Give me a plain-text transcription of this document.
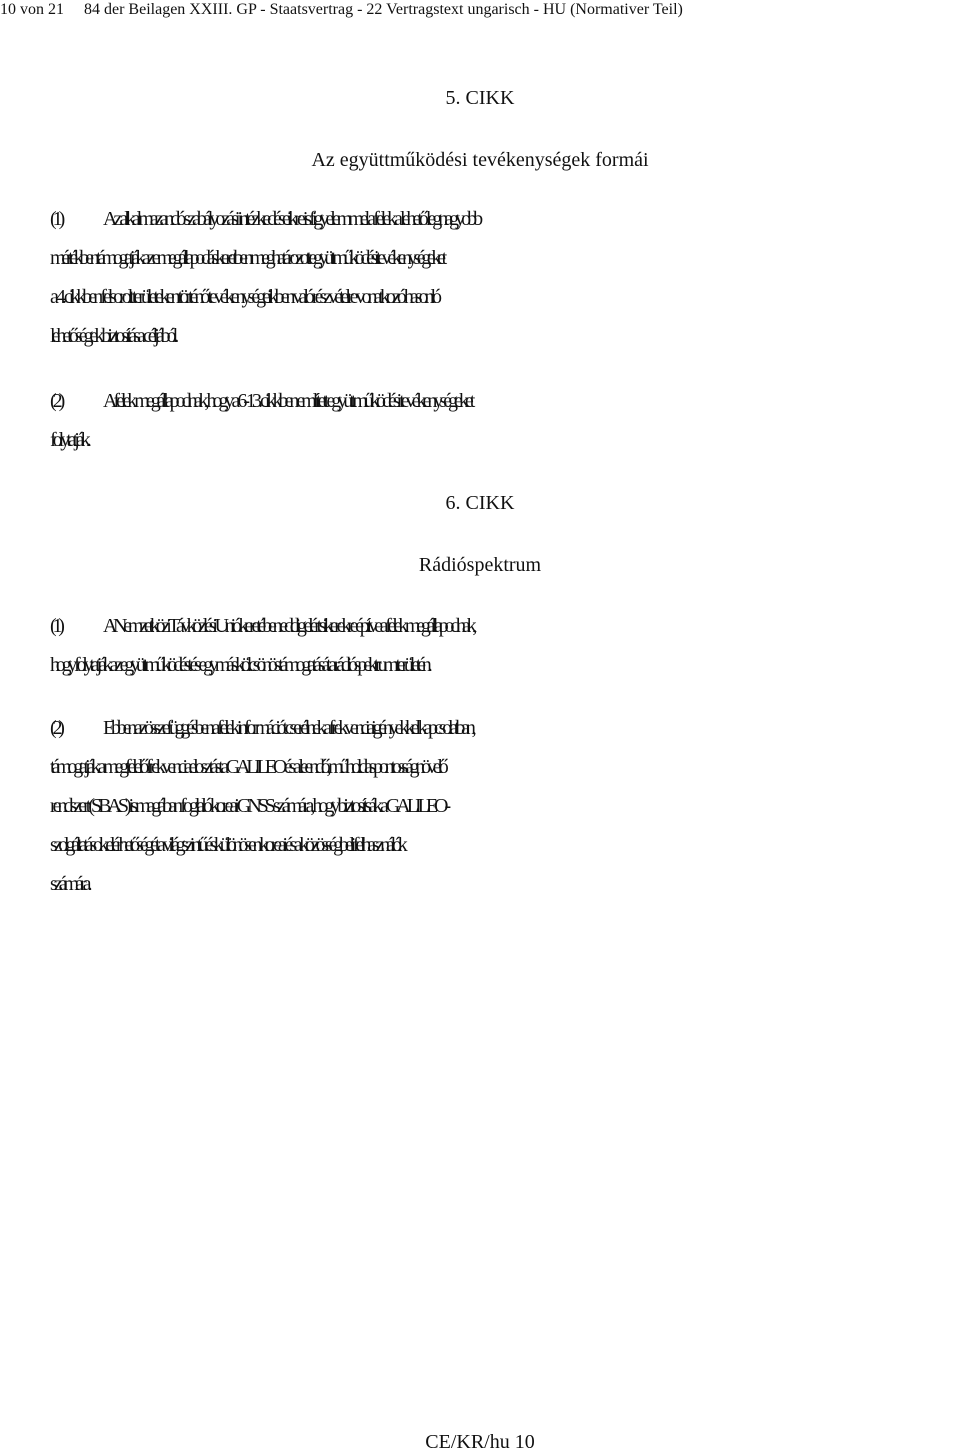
10 von 21 84 der Beilagen XXIII. GP - Staatsvertrag - 22 Vertragstext ungarisch - HU (Normativer Teil)
5. CIKK
Az együttműködési tevékenységek formái
(1) Az alkalmazandó szabályozási intézkedéseikre is figyelemmel a felek a lehető legnagyobb
mértékben támogatják az e megállapodás keretben meghatározott együttműködési tevékenységeket
a 4. cikkben felsorolt területeken történő tevékenységeikben való részvételre vonatkozó hasonló
lehetőségek biztosítása céljából.
(2) A felek megállapodnak, hogy a 6-13. cikkben említett együttműködési tevékenységeket
folytatják.
6. CIKK
Rádióspektrum
(1) A Nemzetközi Távközlési Unió keretében eddig elért sikerekre építve a felek megállapodnak,
hogy folytatják az együttműködést és egymás kölcsönös támogatását a rádióspektrum területén.
(2) Ebben az összefüggésben a felek információt cserélnek a frekvenciaigényekkel kapcsolatban,
támogatják a megfelelő frekvenciaelosztást a GALILEO és a leendő, műholdas pontosságnövelő
rendszert (SBAS) is magában foglaló koreai GNSS számára, hogy biztosítsák a GALILEO-
szolgáltatások elérhetőségét a világszintű és különösen koreai és a közösségbeli felhasználók
számára.
CE/KR/hu 10
